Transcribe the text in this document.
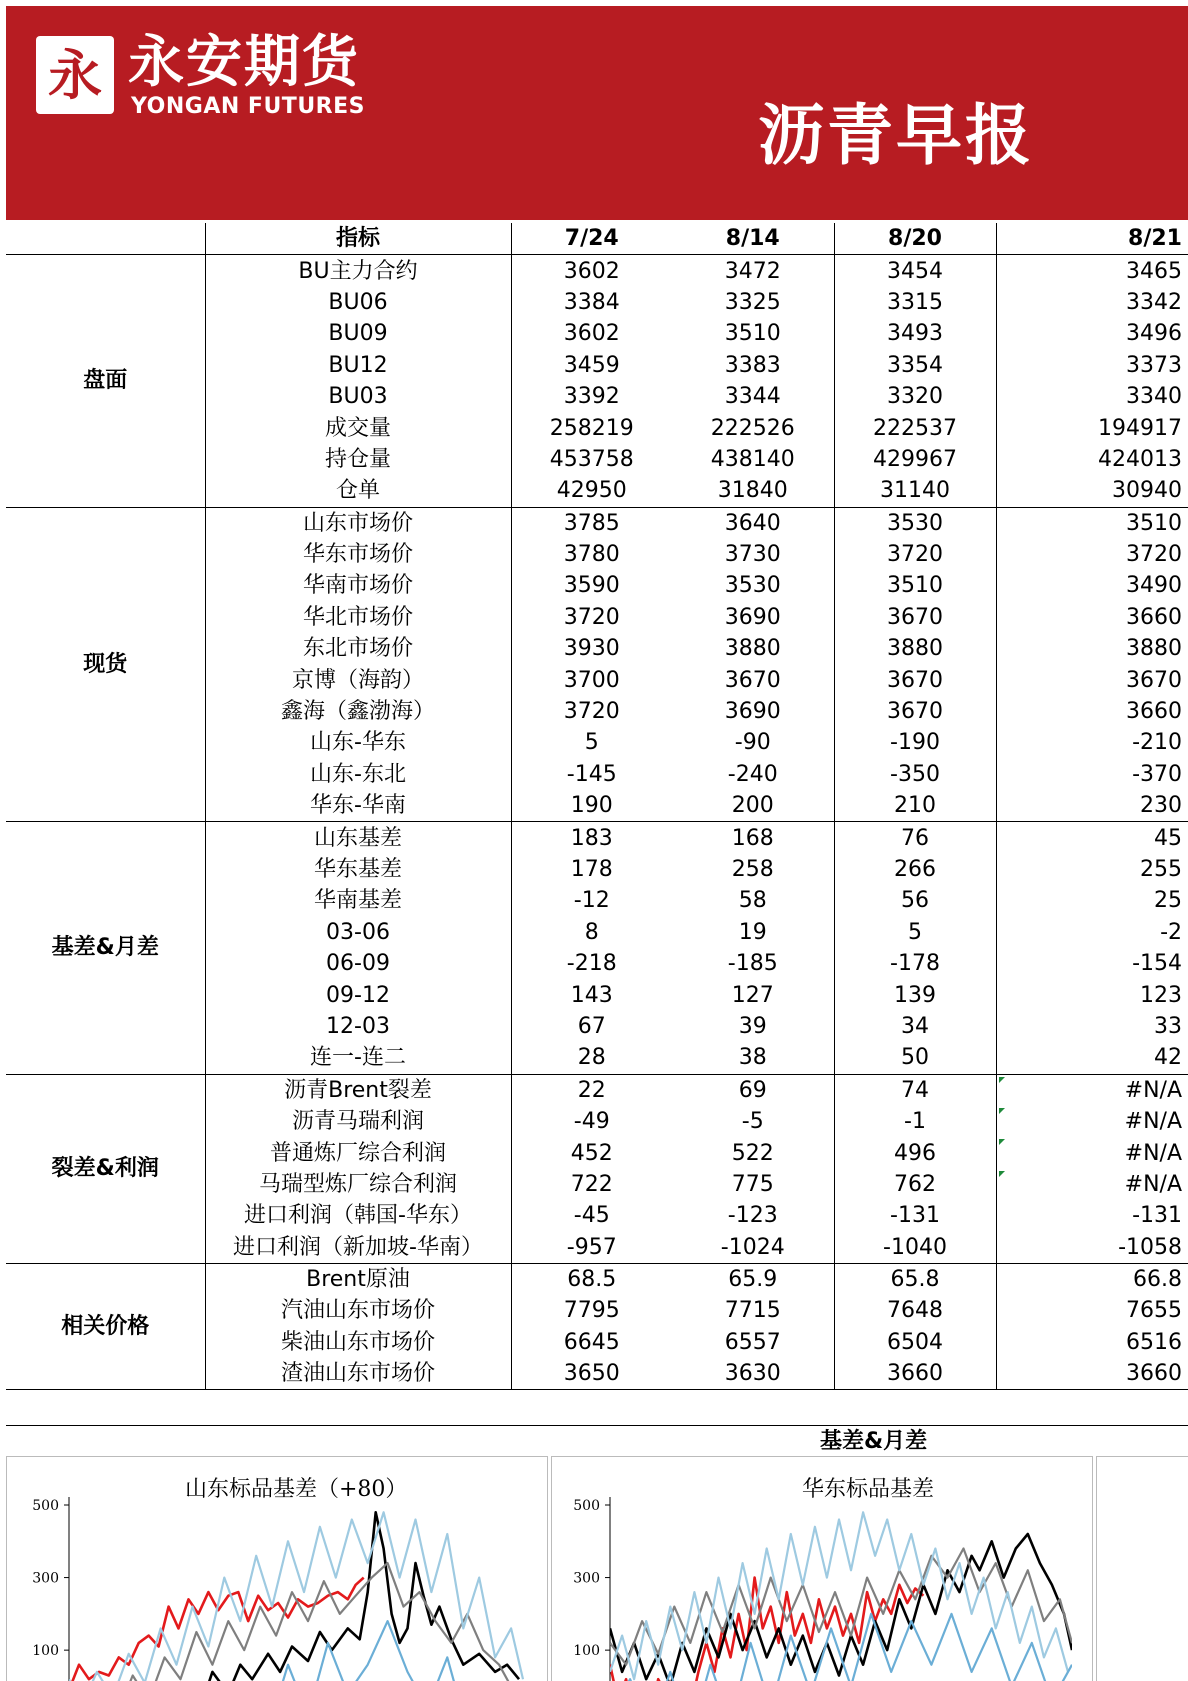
永 永安期货
YONGAN FUTURES	沥青早报
	指标	7/24	8/14	8/20	8/21
盘面	BU主力合约	3602	3472	3454	3465
	BU06	3384	3325	3315	3342
	BU09	3602	3510	3493	3496
	BU12	3459	3383	3354	3373
	BU03	3392	3344	3320	3340
	成交量	258219	222526	222537	194917
	持仓量	453758	438140	429967	424013
	仓单	42950	31840	31140	30940
现货	山东市场价	3785	3640	3530	3510
	华东市场价	3780	3730	3720	3720
	华南市场价	3590	3530	3510	3490
	华北市场价	3720	3690	3670	3660
	东北市场价	3930	3880	3880	3880
	京博（海韵）	3700	3670	3670	3670
	鑫海（鑫渤海）	3720	3690	3670	3660
	山东-华东	5	-90	-190	-210
	山东-东北	-145	-240	-350	-370
	华东-华南	190	200	210	230
基差&月差	山东基差	183	168	76	45
	华东基差	178	258	266	255
	华南基差	-12	58	56	25
	03-06	8	19	5	-2
	06-09	-218	-185	-178	-154
	09-12	143	127	139	123
	12-03	67	39	34	33
	连一-连二	28	38	50	42
裂差&利润	沥青Brent裂差	22	69	74	#N/A
	沥青马瑞利润	-49	-5	-1	#N/A
	普通炼厂综合利润	452	522	496	#N/A
	马瑞型炼厂综合利润	722	775	762	#N/A
	进口利润（韩国-华东）	-45	-123	-131	-131
	进口利润（新加坡-华南）	-957	-1024	-1040	-1058
相关价格	Brent原油	68.5	65.9	65.8	66.8
	汽油山东市场价	7795	7715	7648	7655
	柴油山东市场价	6645	6557	6504	6516
	渣油山东市场价	3650	3630	3660	3660
基差&月差
500
300
100
山东标品基差（+80）
500
300
100
华东标品基差
